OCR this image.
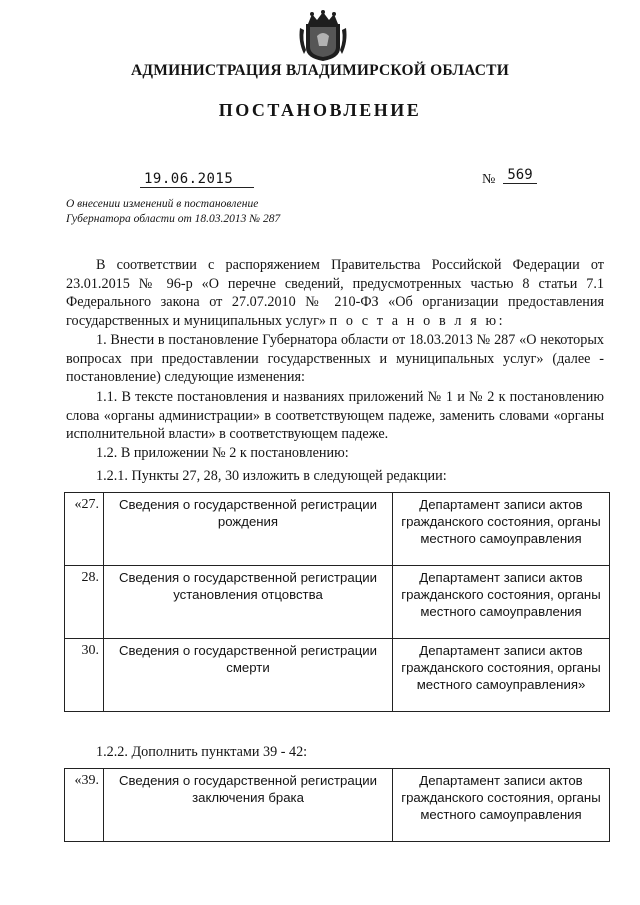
АДМИНИСТРАЦИЯ ВЛАДИМИРСКОЙ ОБЛАСТИ
ПОСТАНОВЛЕНИЕ
19.06.2015	№ 569
О внесении изменений в постановление
Губернатора области от 18.03.2013 № 287
В соответствии с распоряжением Правительства Российской Федерации от 23.01.2015 № 96-р «О перечне сведений, предусмотренных частью 8 статьи 7.1 Федерального закона от 27.07.2010 № 210-ФЗ «Об организации предоставления государственных и муниципальных услуг» п о с т а н о в л я ю:
1. Внести в постановление Губернатора области от 18.03.2013 № 287 «О некоторых вопросах при предоставлении государственных и муниципальных услуг» (далее - постановление) следующие изменения:
1.1. В тексте постановления и названиях приложений № 1 и № 2 к постановлению слова «органы администрации» в соответствующем падеже, заменить словами «органы исполнительной власти» в соответствующем падеже.
1.2. В приложении № 2 к постановлению:
1.2.1. Пункты 27, 28, 30 изложить в следующей редакции:
«27.	Сведения о государственной регистрации рождения	Департамент записи актов гражданского состояния, органы местного самоуправления
28.	Сведения о государственной регистрации установления отцовства	Департамент записи актов гражданского состояния, органы местного самоуправления
30.	Сведения о государственной регистрации смерти	Департамент записи актов гражданского состояния, органы местного самоуправления»
1.2.2. Дополнить пунктами 39 - 42:
«39.	Сведения о государственной регистрации заключения брака	Департамент записи актов гражданского состояния, органы местного самоуправления
